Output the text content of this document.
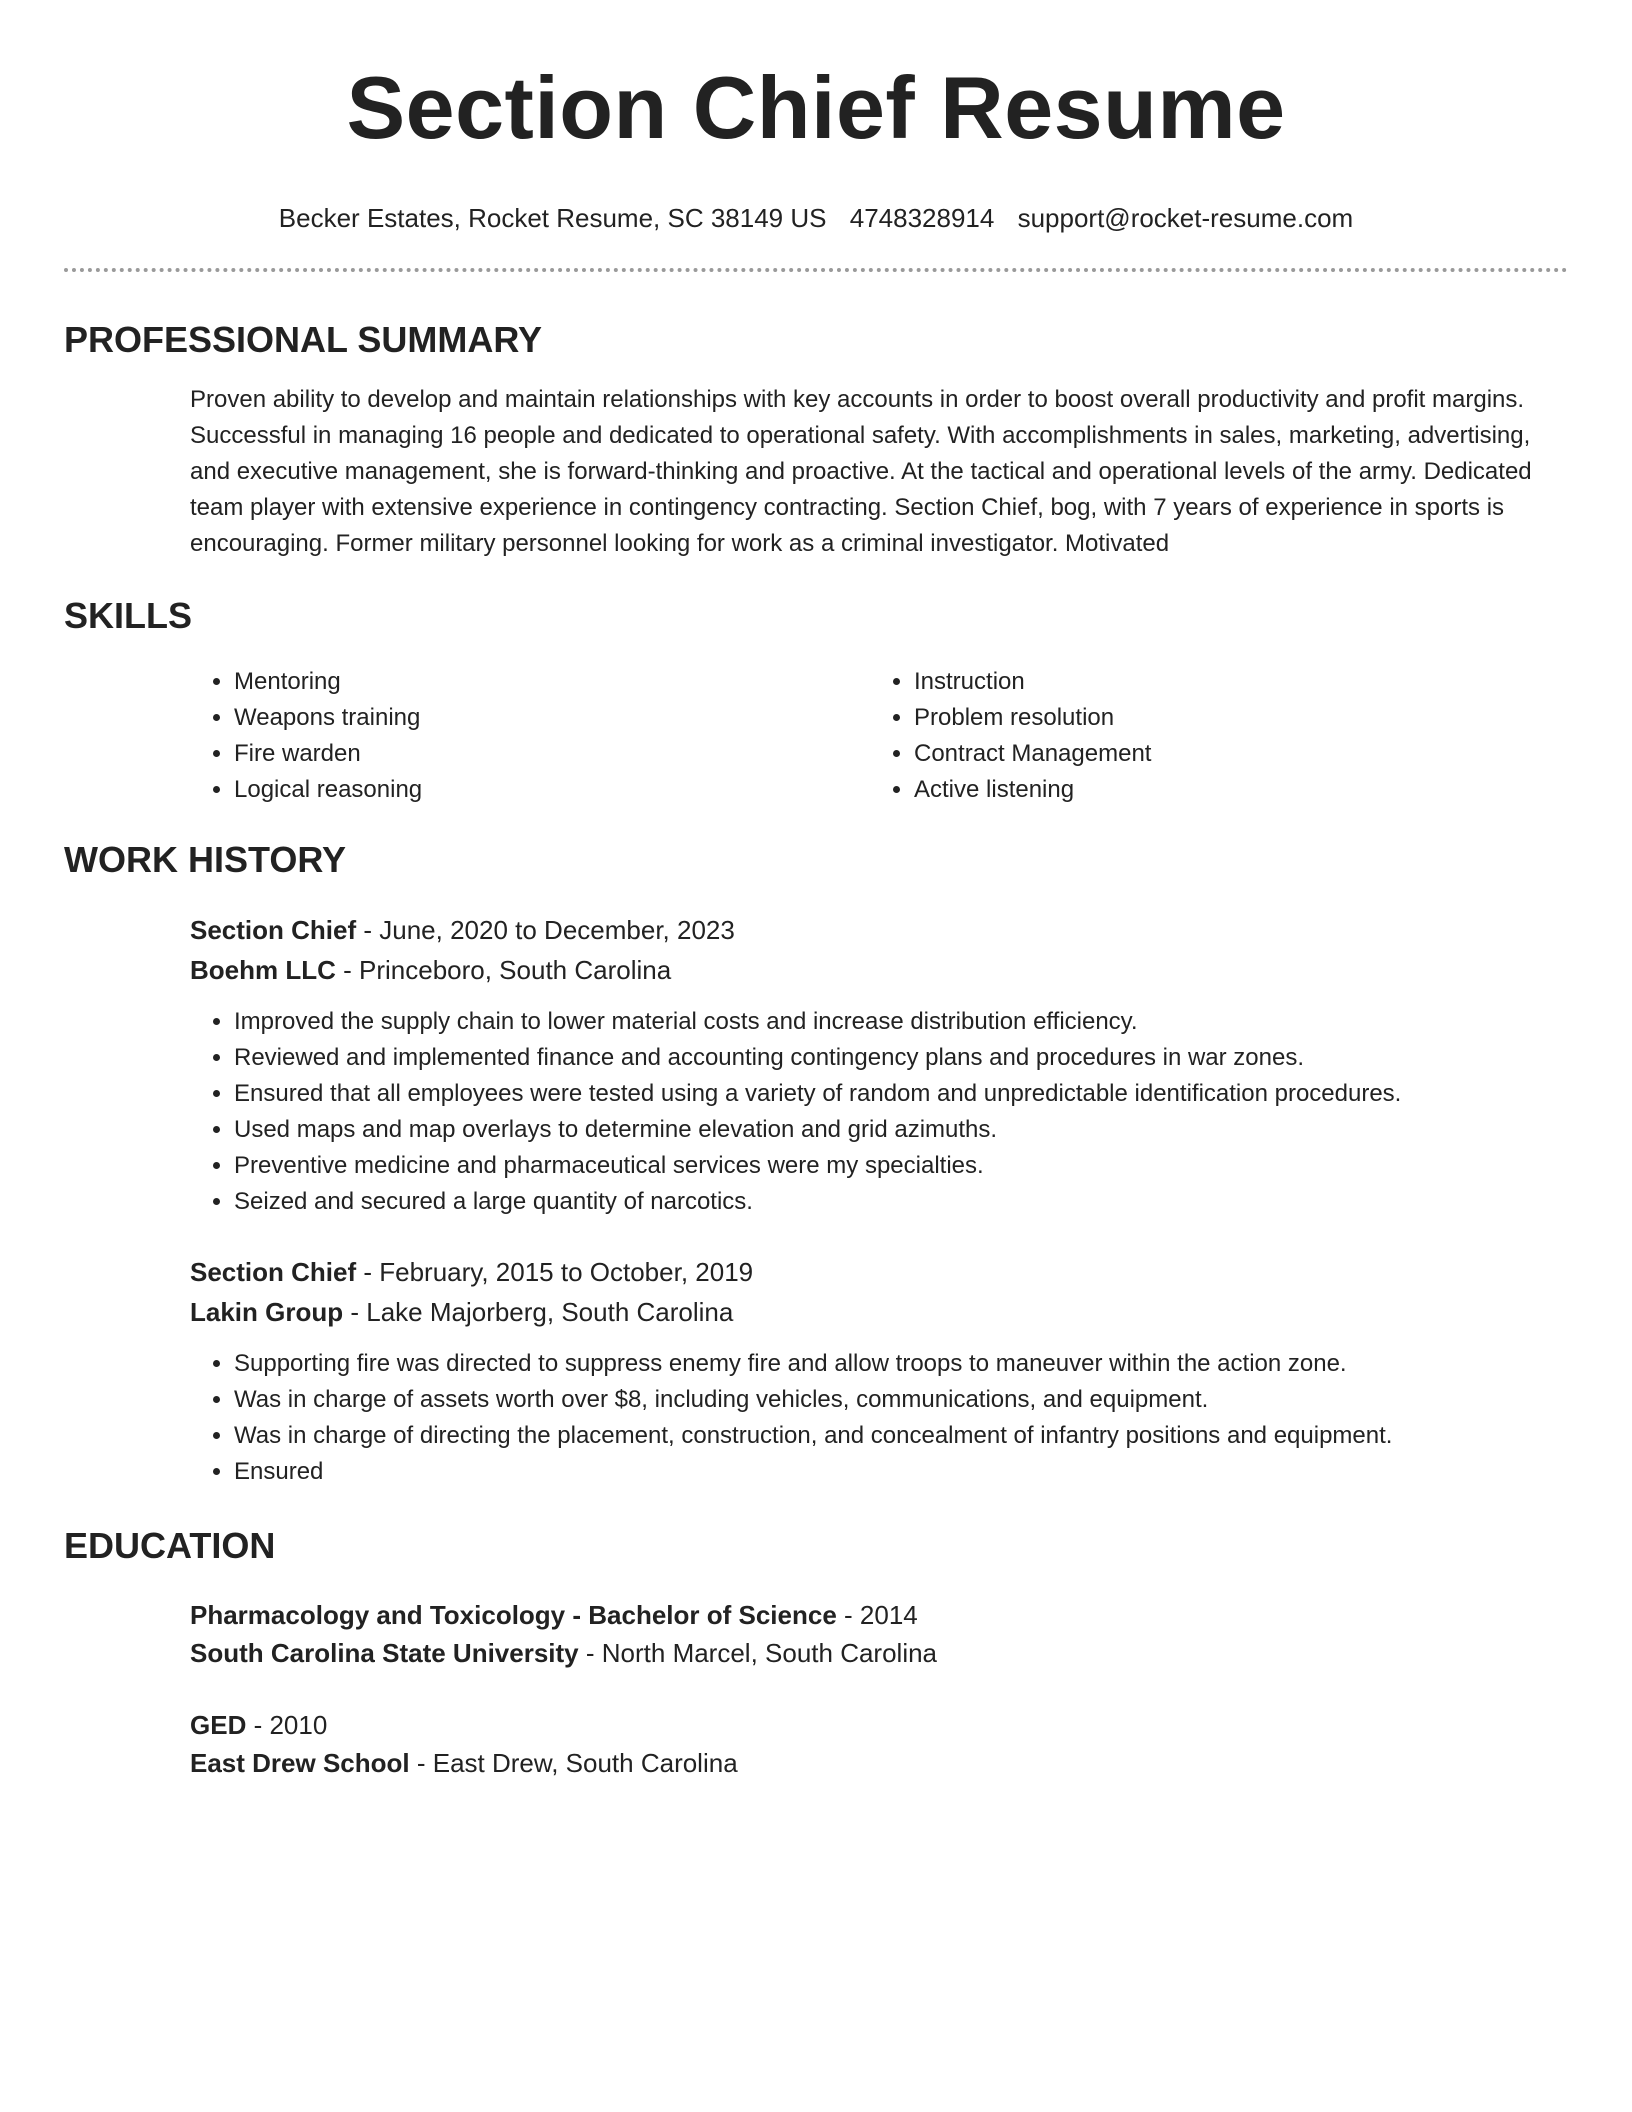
Section Chief Resume
Becker Estates, Rocket Resume, SC 38149 US 4748328914 support@rocket-resume.com
PROFESSIONAL SUMMARY

Proven ability to develop and maintain relationships with key accounts in order to boost overall productivity and profit margins. Successful in managing 16 people and dedicated to operational safety. With accomplishments in sales, marketing, advertising, and executive management, she is forward-thinking and proactive. At the tactical and operational levels of the army. Dedicated team player with extensive experience in contingency contracting. Section Chief, bog, with 7 years of experience in sports is encouraging. Former military personnel looking for work as a criminal investigator. Motivated

SKILLS
• Mentoring
• Weapons training
• Fire warden
• Logical reasoning
• Instruction
• Problem resolution
• Contract Management
• Active listening
WORK HISTORY
Section Chief - June, 2020 to December, 2023
Boehm LLC - Princeboro, South Carolina
• Improved the supply chain to lower material costs and increase distribution efficiency.
• Reviewed and implemented finance and accounting contingency plans and procedures in war zones.
• Ensured that all employees were tested using a variety of random and unpredictable identification procedures.
• Used maps and map overlays to determine elevation and grid azimuths.
• Preventive medicine and pharmaceutical services were my specialties.
• Seized and secured a large quantity of narcotics.
Section Chief - February, 2015 to October, 2019
Lakin Group - Lake Majorberg, South Carolina
• Supporting fire was directed to suppress enemy fire and allow troops to maneuver within the action zone.
• Was in charge of assets worth over $8, including vehicles, communications, and equipment.
• Was in charge of directing the placement, construction, and concealment of infantry positions and equipment.
• Ensured
EDUCATION
Pharmacology and Toxicology - Bachelor of Science - 2014
South Carolina State University - North Marcel, South Carolina
GED - 2010
East Drew School - East Drew, South Carolina
